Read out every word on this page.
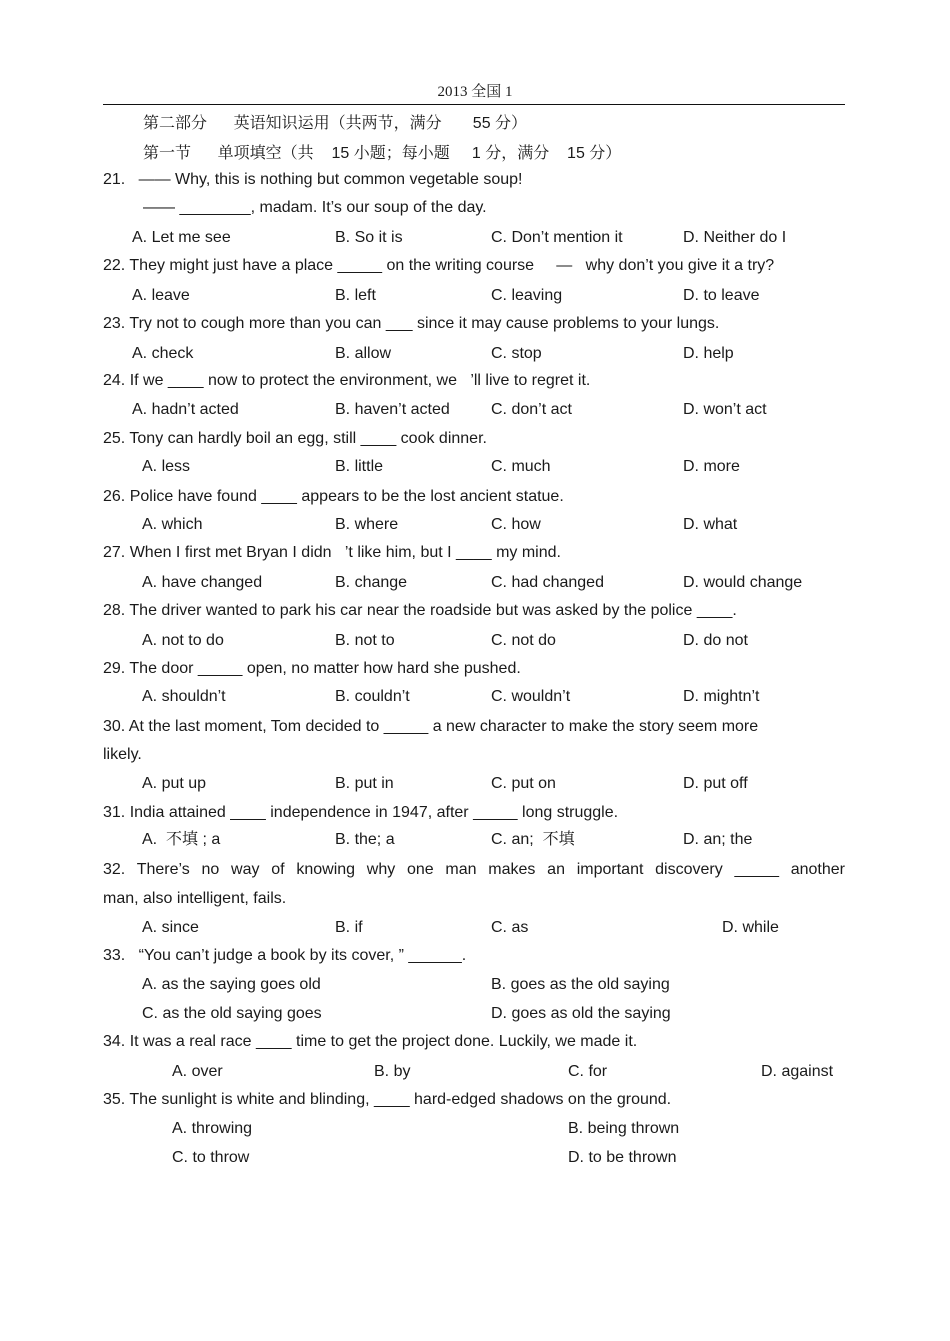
2013 全国 1
第二部分      英语知识运用（共两节，满分       55 分）
第一节      单项填空（共    15 小题；每小题     1 分，满分    15 分）
21.   —— Why, this is nothing but common vegetable soup!
—— ________, madam. It’s our soup of the day.
A. Let me see	B. So it is	C. Don’t mention it	D. Neither do I
22. They might just have a place _____ on the writing course     —   why don’t you give it a try?
A. leave	B. left	C. leaving	D. to leave
23. Try not to cough more than you can ___ since it may cause problems to your lungs.
A. check	B. allow	C. stop	D. help
24. If we ____ now to protect the environment, we   ’ll live to regret it.
A. hadn’t acted	B. haven’t acted	C. don’t act	D. won’t act
25. Tony can hardly boil an egg, still ____ cook dinner.
A. less	B. little	C. much	D. more
26. Police have found ____ appears to be the lost ancient statue.
A. which	B. where	C. how	D. what
27. When I first met Bryan I didn   ’t like him, but I ____ my mind.
A. have changed	B. change	C. had changed	D. would change
28. The driver wanted to park his car near the roadside but was asked by the police ____.
A. not to do	B. not to	C. not do	D. do not
29. The door _____ open, no matter how hard she pushed.
A. shouldn’t	B. couldn’t	C. wouldn’t	D. mightn’t
30. At the last moment, Tom decided to _____ a new character to make the story seem more
likely.
A. put up	B. put in	C. put on	D. put off
31. India attained ____ independence in 1947, after _____ long struggle.
A.  不填 ; a	B. the; a	C. an;  不填	D. an; the
32. There’s no way of knowing why one man makes an important discovery _____ another
man, also intelligent, fails.
A. since	B. if	C. as	D. while
33.   “You can’t judge a book by its cover, ” ______.
A. as the saying goes old	B. goes as the old saying
C. as the old saying goes	D. goes as old the saying
34. It was a real race ____ time to get the project done. Luckily, we made it.
A. over	B. by	C. for	D. against
35. The sunlight is white and blinding, ____ hard-edged shadows on the ground.
A. throwing	B. being thrown
C. to throw	D. to be thrown
